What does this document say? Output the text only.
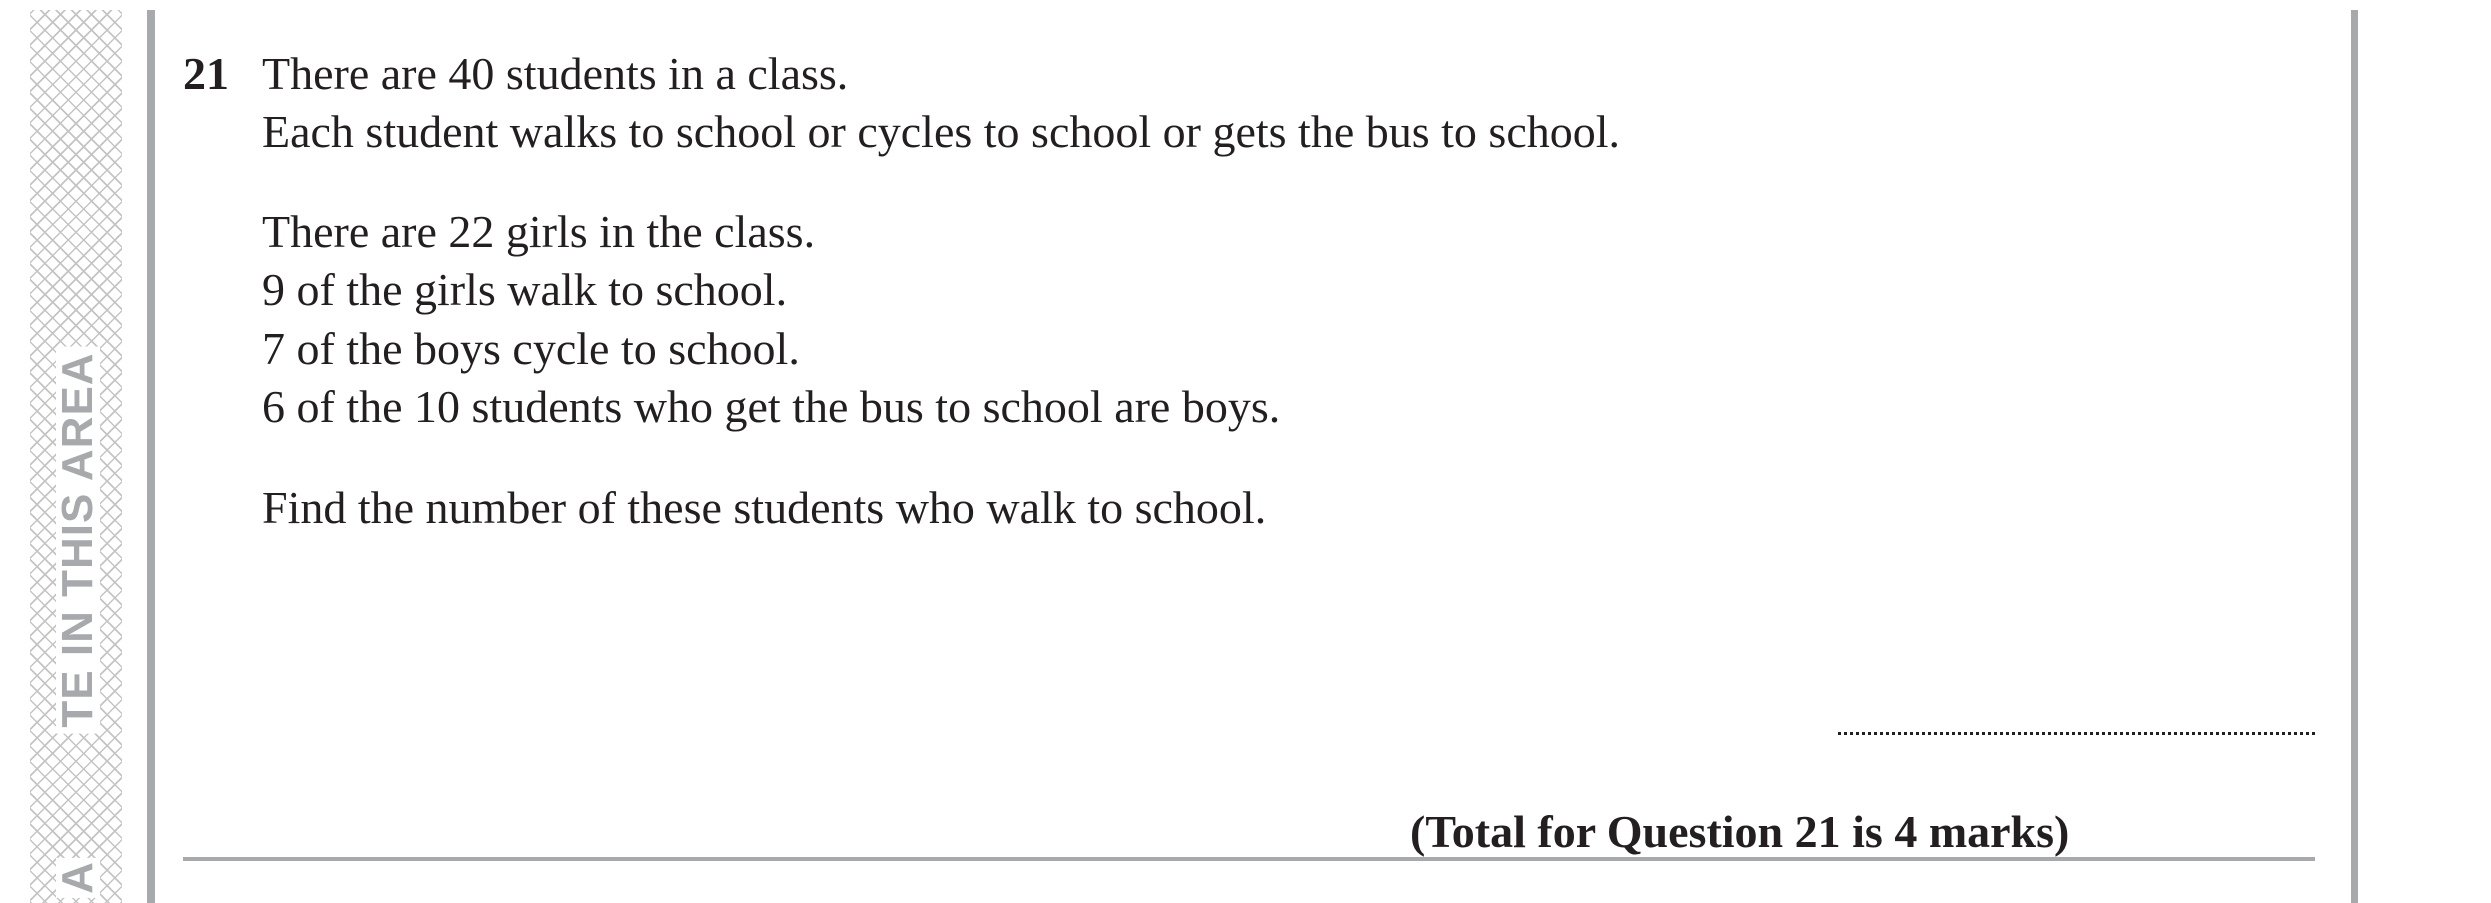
TE IN THIS AREA
A
21 There are 40 students in a class.
Each student walks to school or cycles to school or gets the bus to school.
There are 22 girls in the class.
9 of the girls walk to school.
7 of the boys cycle to school.
6 of the 10 students who get the bus to school are boys.
Find the number of these students who walk to school.
(Total for Question 21 is 4 marks)
